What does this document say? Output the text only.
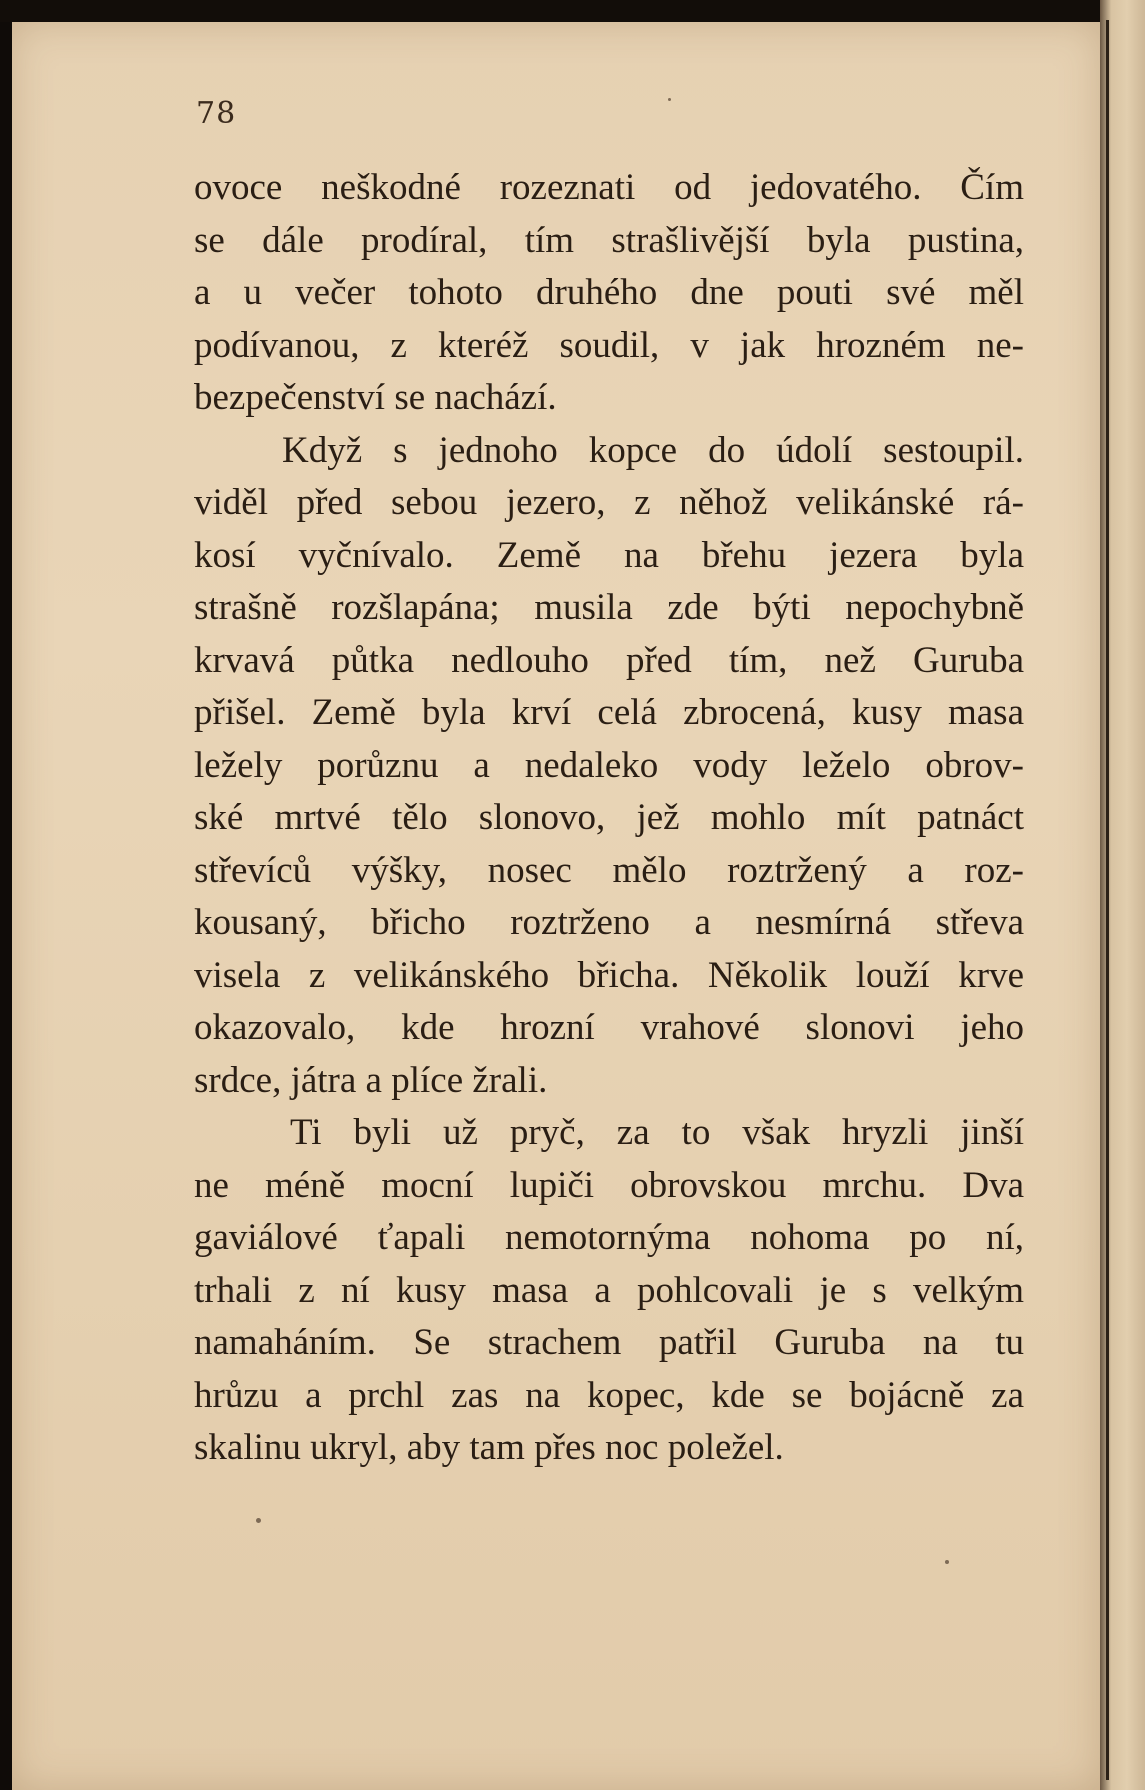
78
ovoce neškodné rozeznati od jedovatého. Čím
se dále prodíral, tím strašlivější byla pustina,
a u večer tohoto druhého dne pouti své měl
podívanou, z kteréž soudil, v jak hrozném ne-
bezpečenství se nachází.
Když s jednoho kopce do údolí sestoupil.
viděl před sebou jezero, z něhož velikánské rá-
kosí vyčnívalo. Země na břehu jezera byla
strašně rozšlapána; musila zde býti nepochybně
krvavá půtka nedlouho před tím, než Guruba
přišel. Země byla krví celá zbrocená, kusy masa
ležely porůznu a nedaleko vody leželo obrov-
ské mrtvé tělo slonovo, jež mohlo mít patnáct
střevíců výšky, nosec mělo roztržený a roz-
kousaný, břicho roztrženo a nesmírná střeva
visela z velikánského břicha. Několik louží krve
okazovalo, kde hrozní vrahové slonovi jeho
srdce, játra a plíce žrali.
Ti byli už pryč, za to však hryzli jinší
ne méně mocní lupiči obrovskou mrchu. Dva
gaviálové ťapali nemotornýma nohoma po ní,
trhali z ní kusy masa a pohlcovali je s velkým
namaháním. Se strachem patřil Guruba na tu
hrůzu a prchl zas na kopec, kde se bojácně za
skalinu ukryl, aby tam přes noc poležel.
